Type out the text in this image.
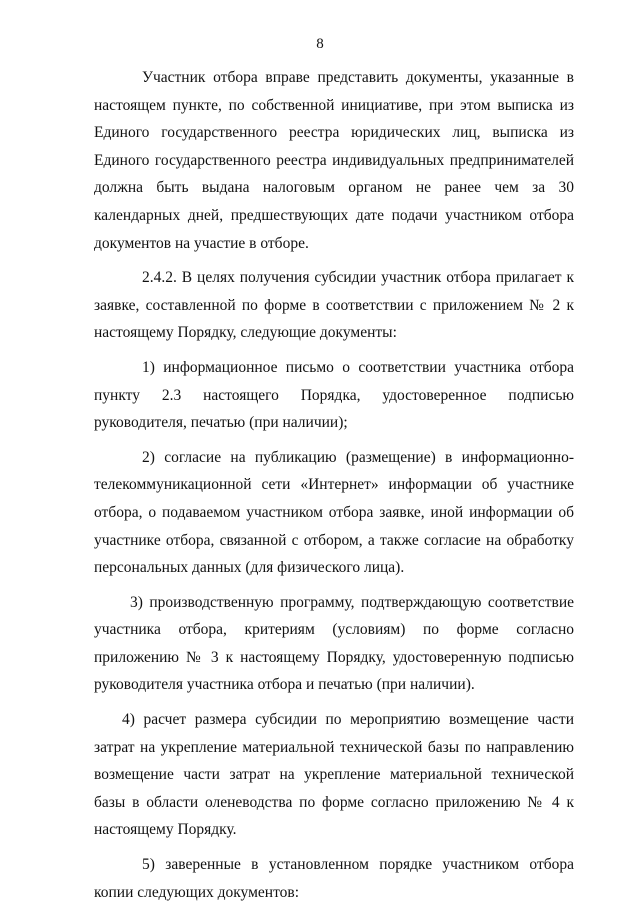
8

Участник отбора вправе представить документы, указанные в настоящем пункте, по собственной инициативе, при этом выписка из Единого государственного реестра юридических лиц, выписка из Единого государственного реестра индивидуальных предпринимателей должна быть выдана налоговым органом не ранее чем за 30 календарных дней, предшествующих дате подачи участником отбора документов на участие в отборе.

2.4.2. В целях получения субсидии участник отбора прилагает к заявке, составленной по форме в соответствии с приложением № 2 к настоящему Порядку, следующие документы:

1) информационное письмо о соответствии участника отбора пункту 2.3 настоящего Порядка, удостоверенное подписью руководителя, печатью (при наличии);

2) согласие на публикацию (размещение) в информационно-телекоммуникационной сети «Интернет» информации об участнике отбора, о подаваемом участником отбора заявке, иной информации об участнике отбора, связанной с отбором, а также согласие на обработку персональных данных (для физического лица).

3) производственную программу, подтверждающую соответствие участника отбора, критериям (условиям) по форме согласно приложению № 3 к настоящему Порядку, удостоверенную подписью руководителя участника отбора и печатью (при наличии).

4) расчет размера субсидии по мероприятию возмещение части затрат на укрепление материальной технической базы по направлению возмещение части затрат на укрепление материальной технической базы в области оленеводства по форме согласно приложению № 4 к настоящему Порядку.

5) заверенные в установленном порядке участником отбора копии следующих документов:
